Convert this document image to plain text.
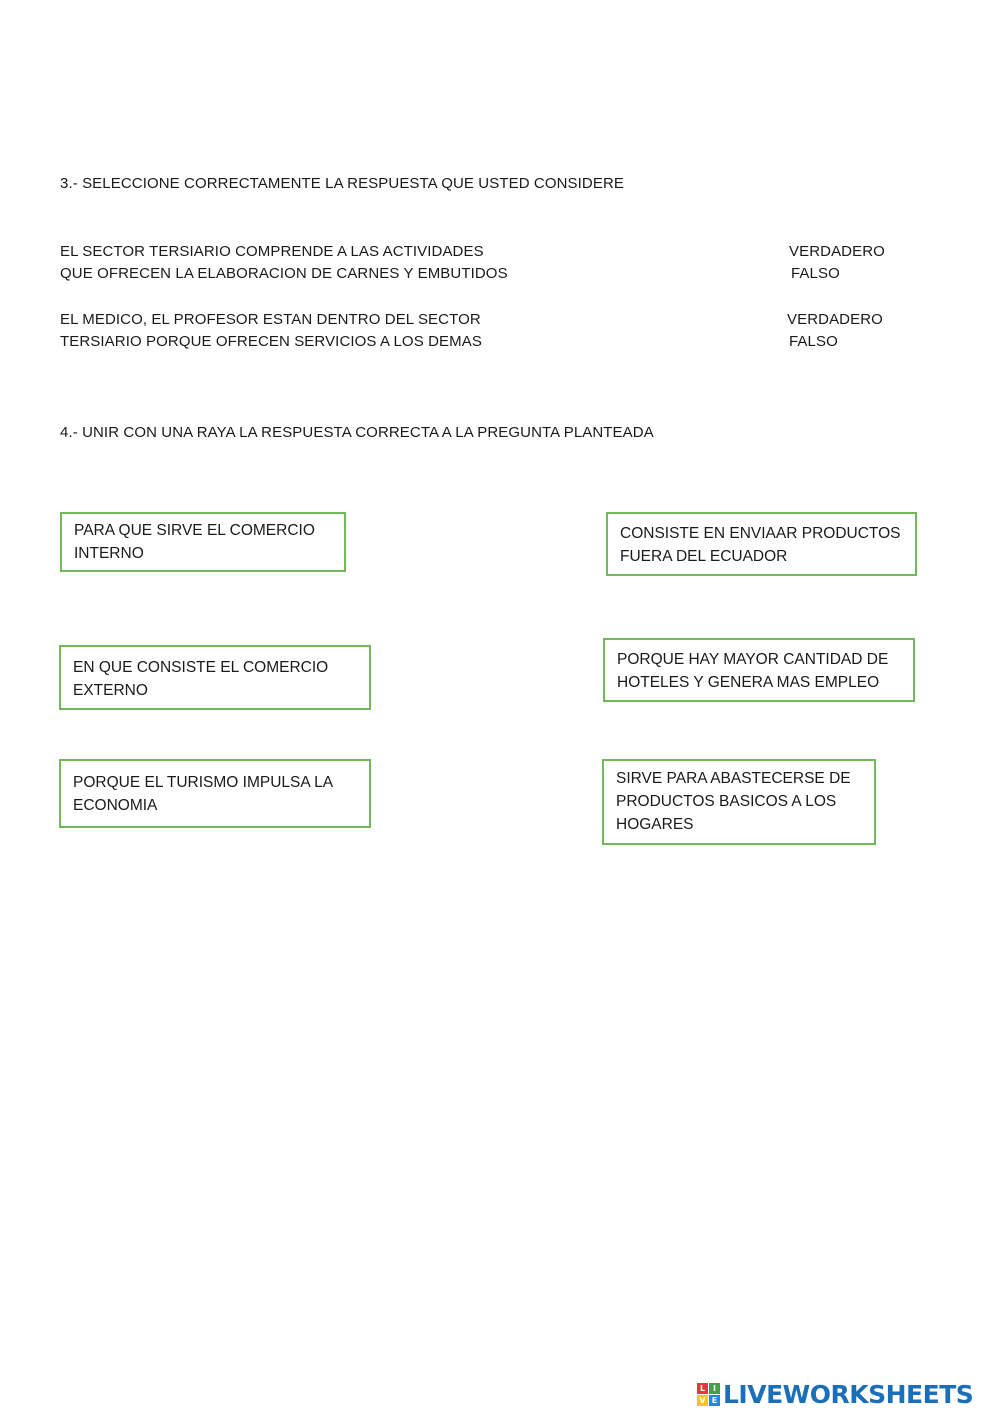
3.- SELECCIONE CORRECTAMENTE LA RESPUESTA QUE USTED CONSIDERE
EL SECTOR TERSIARIO COMPRENDE A LAS ACTIVIDADES
QUE OFRECEN LA ELABORACION DE CARNES Y EMBUTIDOS
VERDADERO
FALSO
EL MEDICO, EL PROFESOR ESTAN DENTRO DEL SECTOR
TERSIARIO PORQUE OFRECEN SERVICIOS A LOS DEMAS
VERDADERO
FALSO
4.- UNIR CON UNA RAYA LA RESPUESTA CORRECTA A LA PREGUNTA PLANTEADA
PARA QUE SIRVE EL COMERCIO
INTERNO
EN QUE CONSISTE EL COMERCIO
EXTERNO
PORQUE EL TURISMO IMPULSA LA
ECONOMIA
CONSISTE EN ENVIAAR PRODUCTOS
FUERA DEL ECUADOR
PORQUE HAY MAYOR CANTIDAD DE
HOTELES Y GENERA MAS EMPLEO
SIRVE PARA ABASTECERSE DE
PRODUCTOS BASICOS A LOS
HOGARES
L I
V E LIVEWORKSHEETS
